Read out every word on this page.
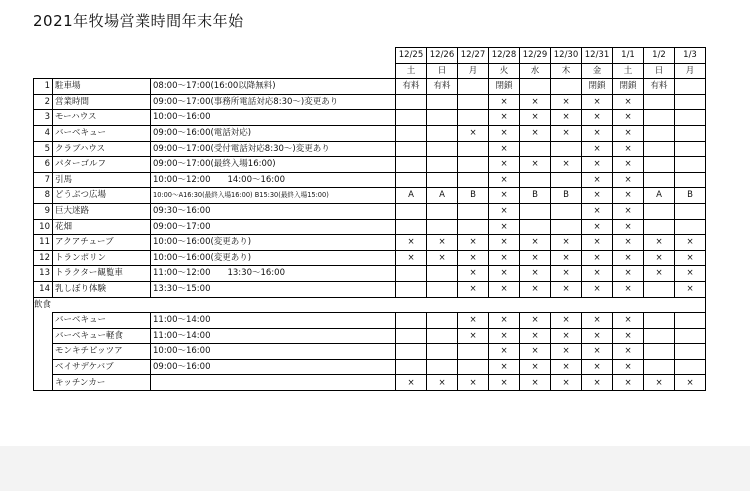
2021年牧場営業時間年末年始
			12/25	12/26	12/27	12/28	12/29	12/30	12/31	1/1	1/2	1/3
			土	日	月	火	水	木	金	土	日	月
1	駐車場	08:00～17:00(16:00以降無料)	有料	有料		閉鎖			閉鎖	閉鎖	有料	
2	営業時間	09:00～17:00(事務所電話対応8:30～)変更あり				×	×	×	×	×		
3	モーハウス	10:00～16:00				×	×	×	×	×		
4	バーベキュー	09:00～16:00(電話対応)			×	×	×	×	×	×		
5	クラブハウス	09:00～17:00(受付電話対応8:30～)変更あり				×			×	×		
6	パターゴルフ	09:00～17:00(最終入場16:00)				×	×	×	×	×		
7	引馬	10:00～12:00　　14:00～16:00				×			×	×		
8	どうぶつ広場	10:00～A16:30(最終入場16:00) B15:30(最終入場15:00)	A	A	B	×	B	B	×	×	A	B
9	巨大迷路	09:30～16:00				×			×	×		
10	花畑	09:00～17:00				×			×	×		
11	アクアチューブ	10:00～16:00(変更あり)	×	×	×	×	×	×	×	×	×	×
12	トランポリン	10:00～16:00(変更あり)	×	×	×	×	×	×	×	×	×	×
13	トラクター観覧車	11:00～12:00　　13:30～16:00			×	×	×	×	×	×	×	×
14	乳しぼり体験	13:30～15:00			×	×	×	×	×	×		×
飲食												
	バーベキュー	11:00～14:00			×	×	×	×	×	×		
	バーベキュー軽食	11:00～14:00			×	×	×	×	×	×		
	モンキチピッツア	10:00～16:00				×	×	×	×	×		
	ベイサデケバブ	09:00～16:00				×	×	×	×	×		
	キッチンカー		×	×	×	×	×	×	×	×	×	×
